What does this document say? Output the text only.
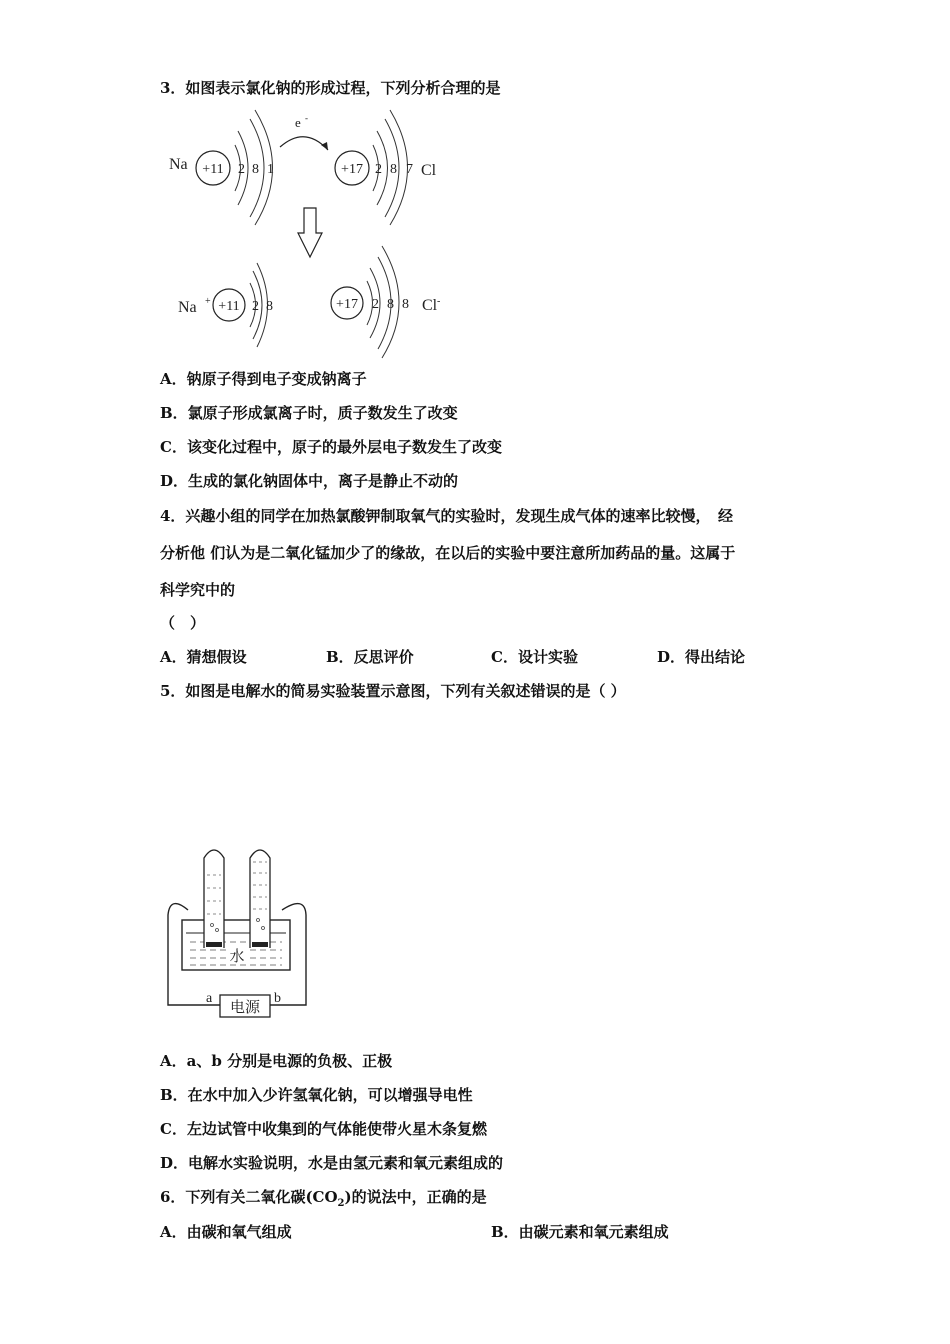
3．如图表示氯化钠的形成过程，下列分析合理的是
e -
Na +11 2 8 1	+17 2 8 7 Cl
Na + +11 2 8	+17 2 8 8 Cl -
A．钠原子得到电子变成钠离子
B．氯原子形成氯离子时，质子数发生了改变
C．该变化过程中，原子的最外层电子数发生了改变
D．生成的氯化钠固体中，离子是静止不动的
4．兴趣小组的同学在加热氯酸钾制取氧气的实验时，发现生成气体的速率比较慢，　经
分析他 们认为是二氧化锰加少了的缘故，在以后的实验中要注意所加药品的量。这属于
科学究中的
（　）
A．猜想假设	B．反思评价	C．设计实验	D．得出结论
5．如图是电解水的简易实验装置示意图，下列有关叙述错误的是（ ）
水
电源
a	b
A．a、b 分别是电源的负极、正极
B．在水中加入少许氢氧化钠，可以增强导电性
C．左边试管中收集到的气体能使带火星木条复燃
D．电解水实验说明，水是由氢元素和氧元素组成的
6．下列有关二氧化碳$(CO_2)$的说法中，正确的是
A．由碳和氧气组成	B．由碳元素和氧元素组成
